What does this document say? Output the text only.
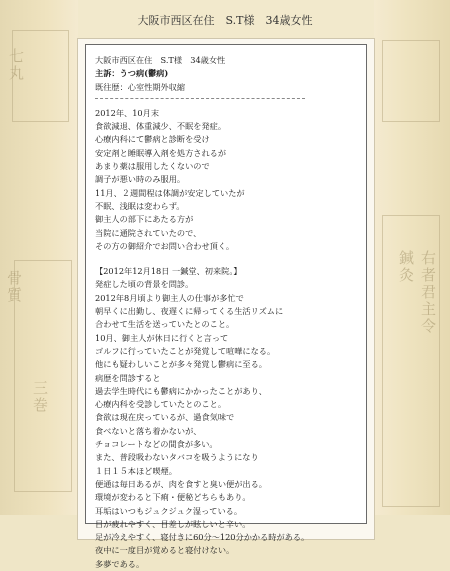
七丸
右者君主令
骨質
鍼灸
三巻
大阪市西区在住　S.T様　34歳女性

大阪市西区在住　S.T様　34歳女性

主訴：うつ病(鬱病)

既往歴：心室性期外収縮

2012年、10月末

食欲減退、体重減少、不眠を発症。

心療内科にて鬱病と診断を受け

安定剤と睡眠導入剤を処方されるが

あまり薬は服用したくないので

調子が悪い時のみ服用。

11月、２週間程は体調が安定していたが

不眠、浅眠は変わらず。

御主人の部下にあたる方が

当院に通院されていたので、

その方の御紹介でお問い合わせ頂く。

【2012年12月18日 一鍼堂、初来院。】

発症した頃の背景を問診。

2012年8月頃より御主人の仕事が多忙で

朝早くに出勤し、夜遅くに帰ってくる生活リズムに

合わせて生活を送っていたとのこと。

10月、御主人が休日に行くと言って

ゴルフに行っていたことが発覚して喧嘩になる。

他にも疑わしいことが多々発覚し鬱病に至る。

病歴を問診すると

過去学生時代にも鬱病にかかったことがあり、

心療内科を受診していたとのこと。

食欲は現在戻っているが、過食気味で

食べないと落ち着かないが、

チョコレートなどの間食が多い。

また、普段吸わないタバコを吸うようになり

１日１５本ほど喫煙。

便通は毎日あるが、肉を食すと臭い便が出る。

環境が変わると下痢・便秘どちらもあり。

耳垢はいつもジュクジュク湿っている。

目が疲れやすく、目差しが眩しいと辛い。

足が冷えやすく、寝付きに60分〜120分かかる時がある。

夜中に一度目が覚めると寝付けない。

多夢である。
